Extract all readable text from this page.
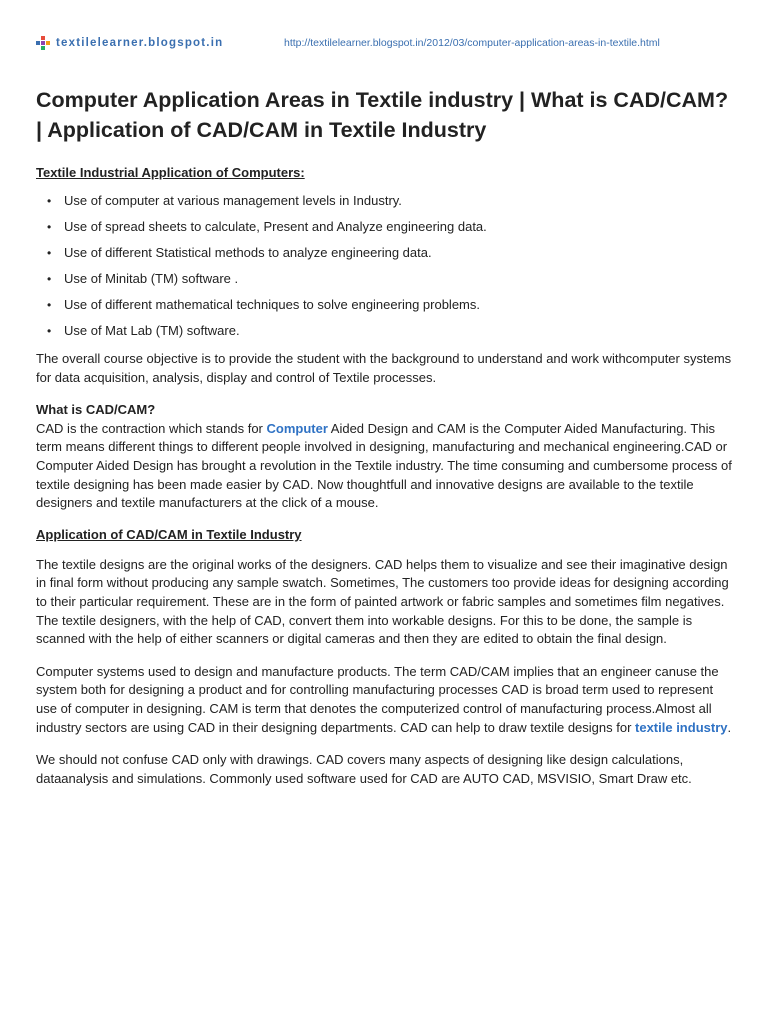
textilelearner.blogspot.in	http://textilelearner.blogspot.in/2012/03/computer-application-areas-in-textile.html
Computer Application Areas in Textile industry | What is CAD/CAM? | Application of CAD/CAM in Textile Industry
Textile Industrial Application of Computers:
• Use of computer at various management levels in Industry.
• Use of spread sheets to calculate, Present and Analyze engineering data.
• Use of different Statistical methods to analyze engineering data.
• Use of Minitab (TM) software .
• Use of different mathematical techniques to solve engineering problems.
• Use of Mat Lab (TM) software.

The overall course objective is to provide the student with the background to understand and work withcomputer systems for data acquisition, analysis, display and control of Textile processes.

What is CAD/CAM?

CAD is the contraction which stands for Computer Aided Design and CAM is the Computer Aided Manufacturing. This term means different things to different people involved in designing, manufacturing and mechanical engineering.CAD or Computer Aided Design has brought a revolution in the Textile industry. The time consuming and cumbersome process of textile designing has been made easier by CAD. Now thoughtfull and innovative designs are available to the textile designers and textile manufacturers at the click of a mouse.

Application of CAD/CAM in Textile Industry

The textile designs are the original works of the designers. CAD helps them to visualize and see their imaginative design in final form without producing any sample swatch. Sometimes, The customers too provide ideas for designing according to their particular requirement. These are in the form of painted artwork or fabric samples and sometimes film negatives. The textile designers, with the help of CAD, convert them into workable designs. For this to be done, the sample is scanned with the help of either scanners or digital cameras and then they are edited to obtain the final design.

Computer systems used to design and manufacture products. The term CAD/CAM implies that an engineer canuse the system both for designing a product and for controlling manufacturing processes CAD is broad term used to represent use of computer in designing. CAM is term that denotes the computerized control of manufacturing process.Almost all industry sectors are using CAD in their designing departments. CAD can help to draw textile designs for textile industry.

We should not confuse CAD only with drawings. CAD covers many aspects of designing like design calculations, dataanalysis and simulations. Commonly used software used for CAD are AUTO CAD, MSVISIO, Smart Draw etc.
